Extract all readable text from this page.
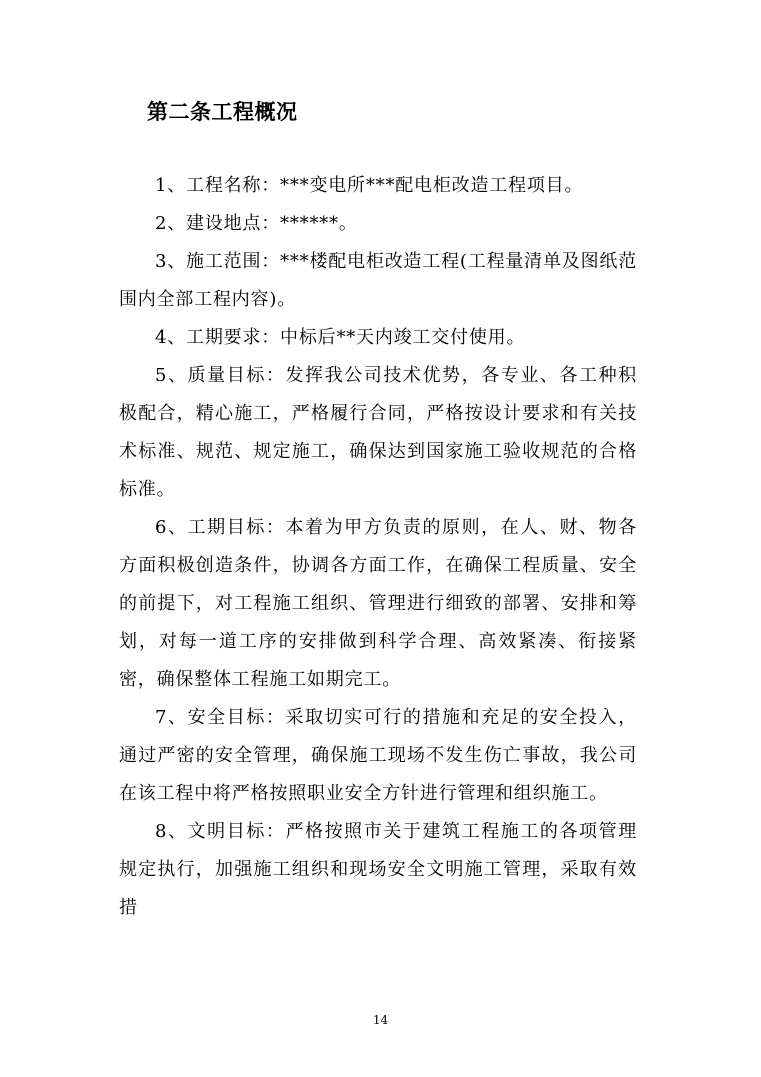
第二条工程概况

1、工程名称：***变电所***配电柜改造工程项目。

2、建设地点：******。

3、施工范围：***楼配电柜改造工程(工程量清单及图纸范围内全部工程内容)。

4、工期要求：中标后**天内竣工交付使用。

5、质量目标：发挥我公司技术优势，各专业、各工种积极配合，精心施工，严格履行合同，严格按设计要求和有关技术标准、规范、规定施工，确保达到国家施工验收规范的合格标准。

6、工期目标：本着为甲方负责的原则，在人、财、物各方面积极创造条件，协调各方面工作，在确保工程质量、安全的前提下，对工程施工组织、管理进行细致的部署、安排和筹划，对每一道工序的安排做到科学合理、高效紧凑、衔接紧密，确保整体工程施工如期完工。

7、安全目标：采取切实可行的措施和充足的安全投入，通过严密的安全管理，确保施工现场不发生伤亡事故，我公司在该工程中将严格按照职业安全方针进行管理和组织施工。

8、文明目标：严格按照市关于建筑工程施工的各项管理规定执行，加强施工组织和现场安全文明施工管理，采取有效措

14
